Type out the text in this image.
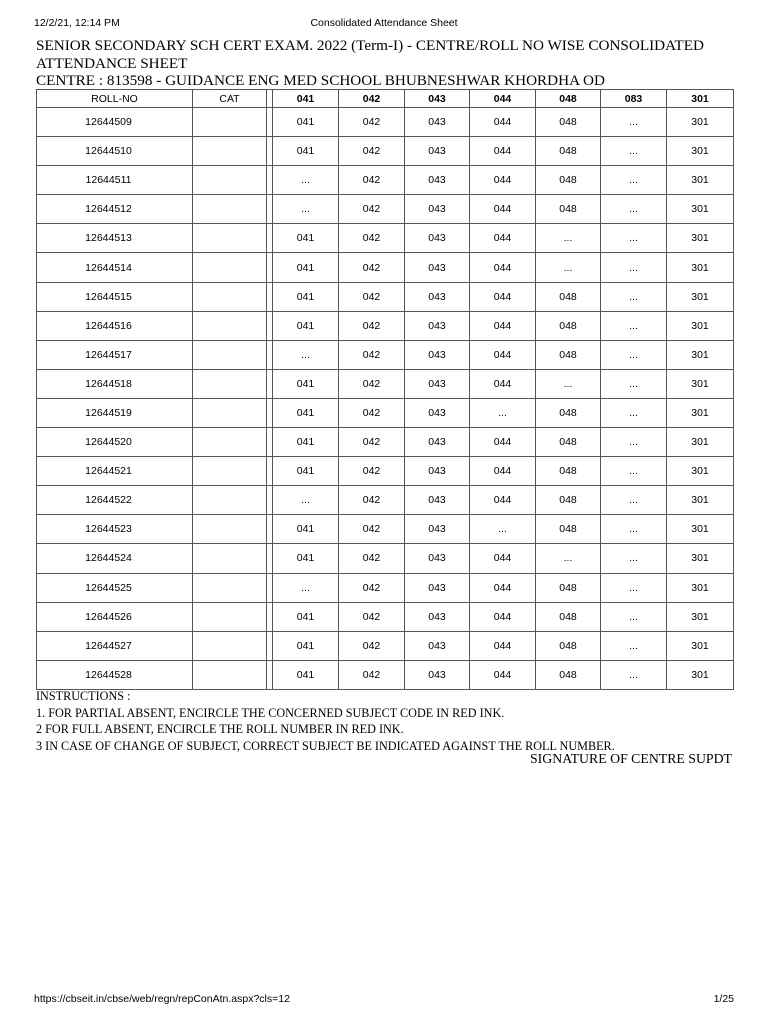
12/2/21, 12:14 PM	Consolidated Attendance Sheet
SENIOR SECONDARY SCH CERT EXAM. 2022 (Term-I) - CENTRE/ROLL NO WISE CONSOLIDATED
ATTENDANCE SHEET
CENTRE : 813598 - GUIDANCE ENG MED SCHOOL BHUBNESHWAR KHORDHA OD
ROLL-NO	CAT		041	042	043	044	048	083	301
12644509			041	042	043	044	048	...	301
12644510			041	042	043	044	048	...	301
12644511			...	042	043	044	048	...	301
12644512			...	042	043	044	048	...	301
12644513			041	042	043	044	...	...	301
12644514			041	042	043	044	...	...	301
12644515			041	042	043	044	048	...	301
12644516			041	042	043	044	048	...	301
12644517			...	042	043	044	048	...	301
12644518			041	042	043	044	...	...	301
12644519			041	042	043	...	048	...	301
12644520			041	042	043	044	048	...	301
12644521			041	042	043	044	048	...	301
12644522			...	042	043	044	048	...	301
12644523			041	042	043	...	048	...	301
12644524			041	042	043	044	...	...	301
12644525			...	042	043	044	048	...	301
12644526			041	042	043	044	048	...	301
12644527			041	042	043	044	048	...	301
12644528			041	042	043	044	048	...	301
INSTRUCTIONS :
1. FOR PARTIAL ABSENT, ENCIRCLE THE CONCERNED SUBJECT CODE IN RED INK.
2 FOR FULL ABSENT, ENCIRCLE THE ROLL NUMBER IN RED INK.
3 IN CASE OF CHANGE OF SUBJECT, CORRECT SUBJECT BE INDICATED AGAINST THE ROLL NUMBER.
SIGNATURE OF CENTRE SUPDT
https://cbseit.in/cbse/web/regn/repConAtn.aspx?cls=12	1/25
